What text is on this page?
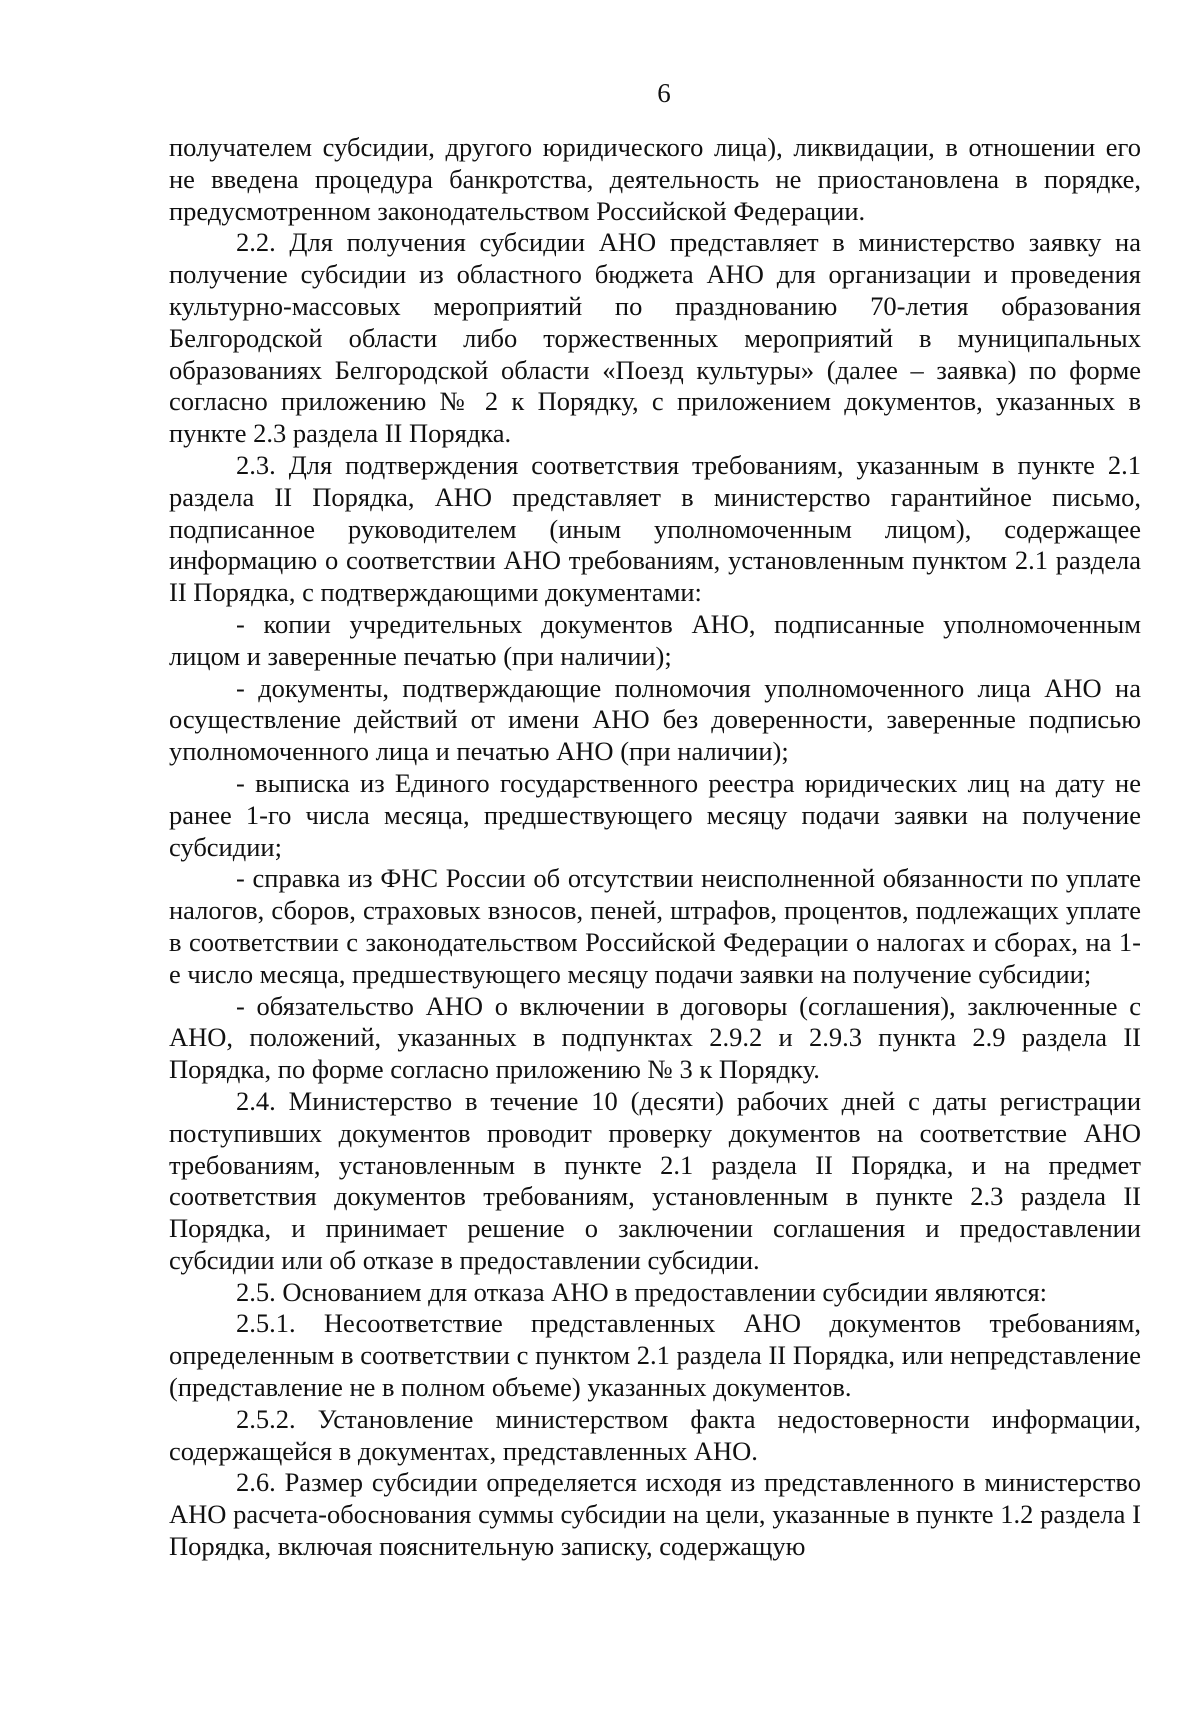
6

получателем субсидии, другого юридического лица), ликвидации, в отношении его не введена процедура банкротства, деятельность не приостановлена в порядке, предусмотренном законодательством Российской Федерации.

2.2. Для получения субсидии АНО представляет в министерство заявку на получение субсидии из областного бюджета АНО для организации и проведения культурно-массовых мероприятий по празднованию 70-летия образования Белгородской области либо торжественных мероприятий в муниципальных образованиях Белгородской области «Поезд культуры» (далее – заявка) по форме согласно приложению № 2 к Порядку, с приложением документов, указанных в пункте 2.3 раздела II Порядка.

2.3. Для подтверждения соответствия требованиям, указанным в пункте 2.1 раздела II Порядка, АНО представляет в министерство гарантийное письмо, подписанное руководителем (иным уполномоченным лицом), содержащее информацию о соответствии АНО требованиям, установленным пунктом 2.1 раздела II Порядка, с подтверждающими документами:

- копии учредительных документов АНО, подписанные уполномоченным лицом и заверенные печатью (при наличии);

- документы, подтверждающие полномочия уполномоченного лица АНО на осуществление действий от имени АНО без доверенности, заверенные подписью уполномоченного лица и печатью АНО (при наличии);

- выписка из Единого государственного реестра юридических лиц на дату не ранее 1-го числа месяца, предшествующего месяцу подачи заявки на получение субсидии;

- справка из ФНС России об отсутствии неисполненной обязанности по уплате налогов, сборов, страховых взносов, пеней, штрафов, процентов, подлежащих уплате в соответствии с законодательством Российской Федерации о налогах и сборах, на 1-е число месяца, предшествующего месяцу подачи заявки на получение субсидии;

- обязательство АНО о включении в договоры (соглашения), заключенные с АНО, положений, указанных в подпунктах 2.9.2 и 2.9.3 пункта 2.9 раздела II Порядка, по форме согласно приложению № 3 к Порядку.

2.4. Министерство в течение 10 (десяти) рабочих дней с даты регистрации поступивших документов проводит проверку документов на соответствие АНО требованиям, установленным в пункте 2.1 раздела II Порядка, и на предмет соответствия документов требованиям, установленным в пункте 2.3 раздела II Порядка, и принимает решение о заключении соглашения и предоставлении субсидии или об отказе в предоставлении субсидии.

2.5. Основанием для отказа АНО в предоставлении субсидии являются:

2.5.1. Несоответствие представленных АНО документов требованиям, определенным в соответствии с пунктом 2.1 раздела II Порядка, или непредставление (представление не в полном объеме) указанных документов.

2.5.2. Установление министерством факта недостоверности информации, содержащейся в документах, представленных АНО.

2.6. Размер субсидии определяется исходя из представленного в министерство АНО расчета-обоснования суммы субсидии на цели, указанные в пункте 1.2 раздела I Порядка, включая пояснительную записку, содержащую
